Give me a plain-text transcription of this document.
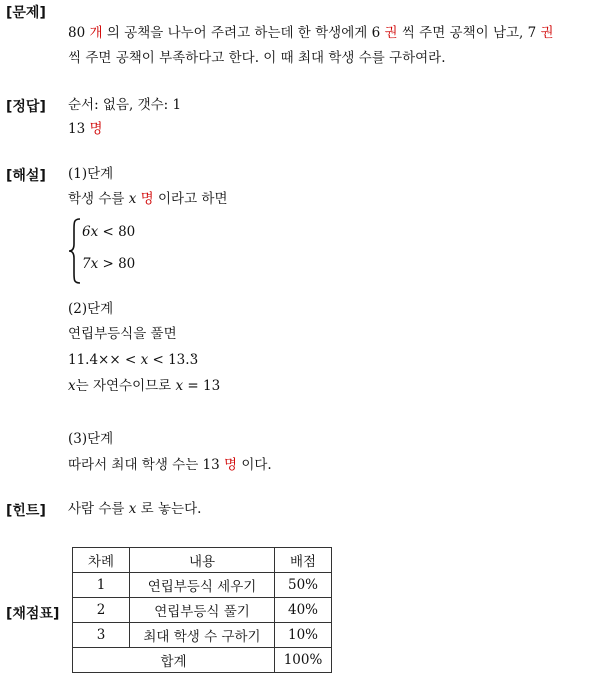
[문제]
[정답]
[해설]
[힌트]
[채점표]
80 개 의 공책을 나누어 주려고 하는데 한 학생에게 6 권 씩 주면 공책이 남고, 7 권
씩 주면 공책이 부족하다고 한다. 이 때 최대 학생 수를 구하여라.
순서: 없음, 갯수: 1
13 명
(1)단계
학생 수를 x 명 이라고 하면
6x < 80
7x > 80
(2)단계
연립부등식을 풀면
11.4×× < x < 13.3 .
x는 자연수이므로 x = 13
(3)단계
따라서 최대 학생 수는 13 명 이다.
사람 수를 x 로 놓는다.
차례	내용	배점
1	연립부등식 세우기	50%
2	연립부등식 풀기	40%
3	최대 학생 수 구하기	10%
합계		100%
